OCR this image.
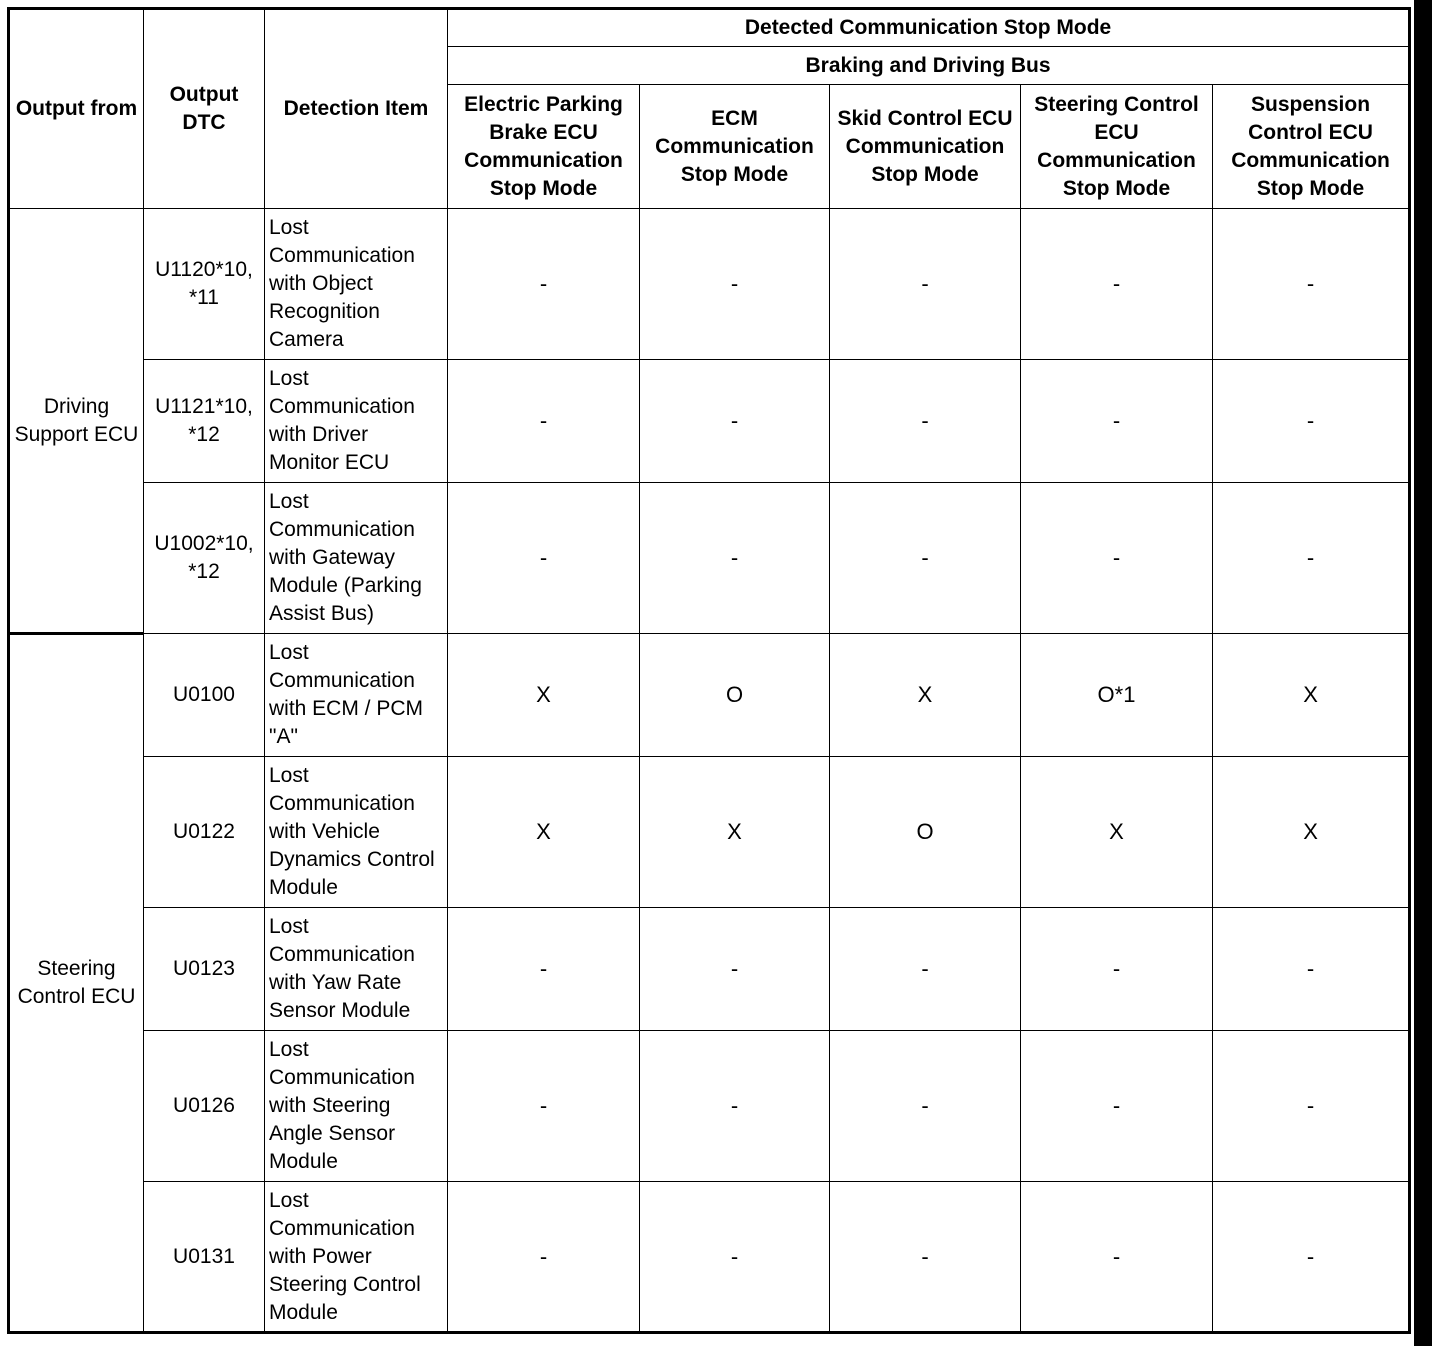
Output from	Output DTC	Detection Item	Detected Communication Stop Mode				
			Braking and Driving Bus				
			Electric Parking Brake ECU Communication Stop Mode	ECM Communication Stop Mode	Skid Control ECU Communication Stop Mode	Steering Control ECU Communication Stop Mode	Suspension Control ECU Communication Stop Mode
Driving Support ECU	U1120*10, *11	Lost Communication with Object Recognition Camera	-	-	-	-	-
	U1121*10, *12	Lost Communication with Driver Monitor ECU	-	-	-	-	-
	U1002*10, *12	Lost Communication with Gateway Module (Parking Assist Bus)	-	-	-	-	-
Steering Control ECU	U0100	Lost Communication with ECM / PCM "A"	X	O	X	O*1	X
	U0122	Lost Communication with Vehicle Dynamics Control Module	X	X	O	X	X
	U0123	Lost Communication with Yaw Rate Sensor Module	-	-	-	-	-
	U0126	Lost Communication with Steering Angle Sensor Module	-	-	-	-	-
	U0131	Lost Communication with Power Steering Control Module	-	-	-	-	-
